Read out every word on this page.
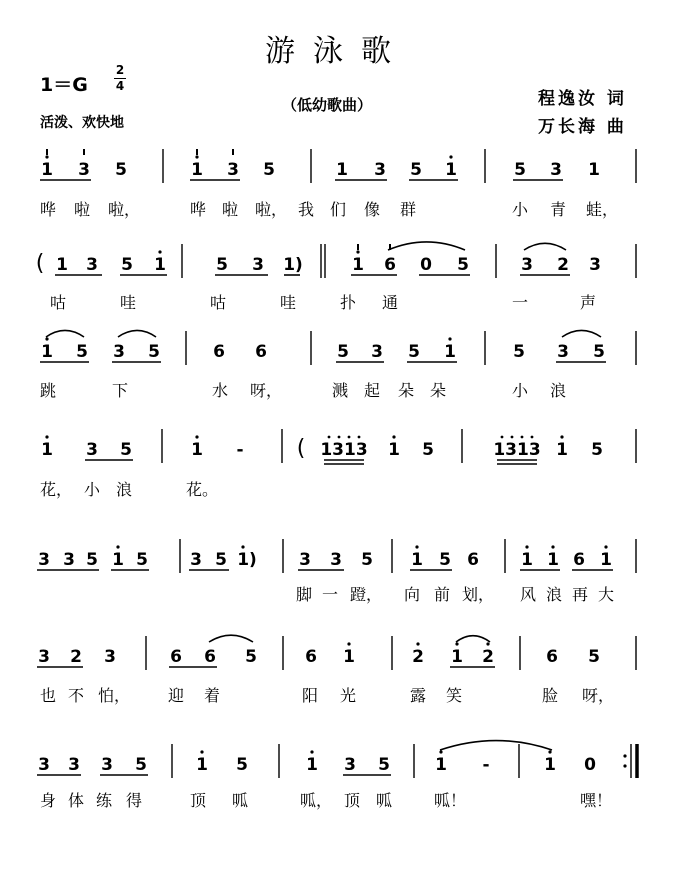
游泳歌
1＝G
2
4
活泼、欢快地
（低幼歌曲）	程逸汝 词
万长海 曲
1 3 5	1 3 5	1 3 5 1	5 3 1
哗 啦 啦，	哗 啦 啦， 我 们 像 群	小 青 蛙，
( 1 3 5 1	5 3 1)	1 6 0 5	3 2 3
咕	哇	咕	哇	扑 通	一	声
1 5 3 5	6 6	5 3 5 1	5 3 5
跳	下	水 呀，	溅 起 朵 朵	小 浪
1 3 5	1 - ( 1313 1 5	1313 1 5
花， 小 浪	花。
3 3 5 1 5 3 5 1) 3 3 5 1 5 6 1 1 6 1
脚 一 蹬， 向 前 划， 风 浪 再 大
3 2 3	6 6 5	6 1	2 1 2	6 5
也 不 怕， 迎 着	阳 光	露 笑	脸 呀，
3 3 3 5	1 5	1 3 5	1 -	1 0
身 体 练 得	顶 呱	呱， 顶 呱	呱！	嘿！
